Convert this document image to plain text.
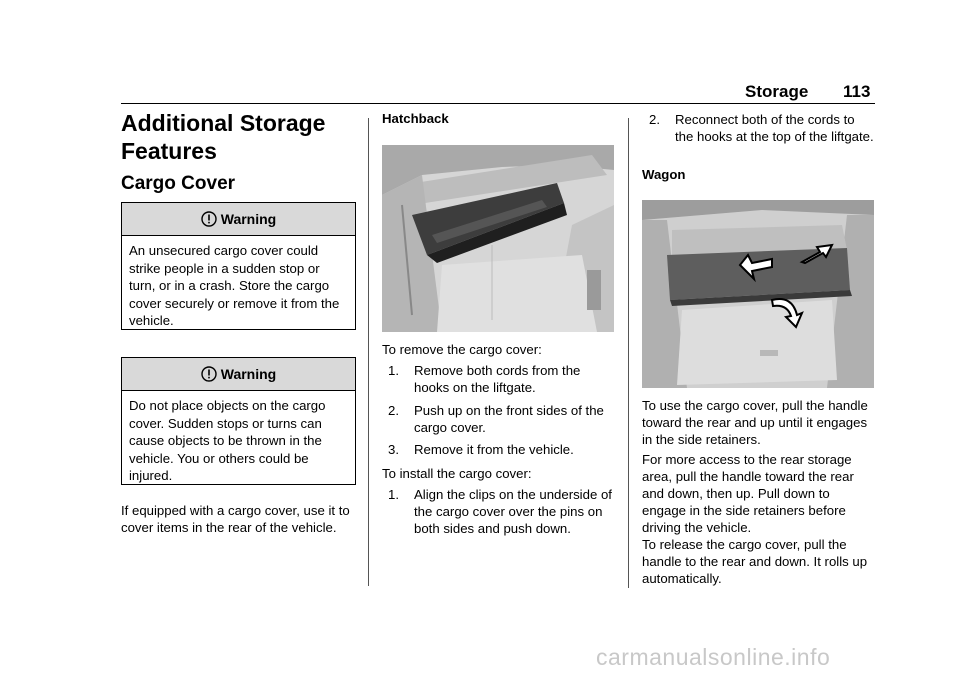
Storage 113
Additional Storage Features
Cargo Cover
Warning
An unsecured cargo cover could strike people in a sudden stop or turn, or in a crash. Store the cargo cover securely or remove it from the vehicle.
Warning
Do not place objects on the cargo cover. Sudden stops or turns can cause objects to be thrown in the vehicle. You or others could be injured.
If equipped with a cargo cover, use it to cover items in the rear of the vehicle.
Hatchback
To remove the cargo cover:
1.	Remove both cords from the hooks on the liftgate.
2.	Push up on the front sides of the cargo cover.
3.	Remove it from the vehicle.
To install the cargo cover:
1.	Align the clips on the underside of the cargo cover over the pins on both sides and push down.
2.	Reconnect both of the cords to the hooks at the top of the liftgate.
Wagon
To use the cargo cover, pull the handle toward the rear and up until it engages in the side retainers.
For more access to the rear storage area, pull the handle toward the rear and down, then up. Pull down to engage in the side retainers before driving the vehicle.
To release the cargo cover, pull the handle to the rear and down. It rolls up automatically.
carmanualsonline.info
